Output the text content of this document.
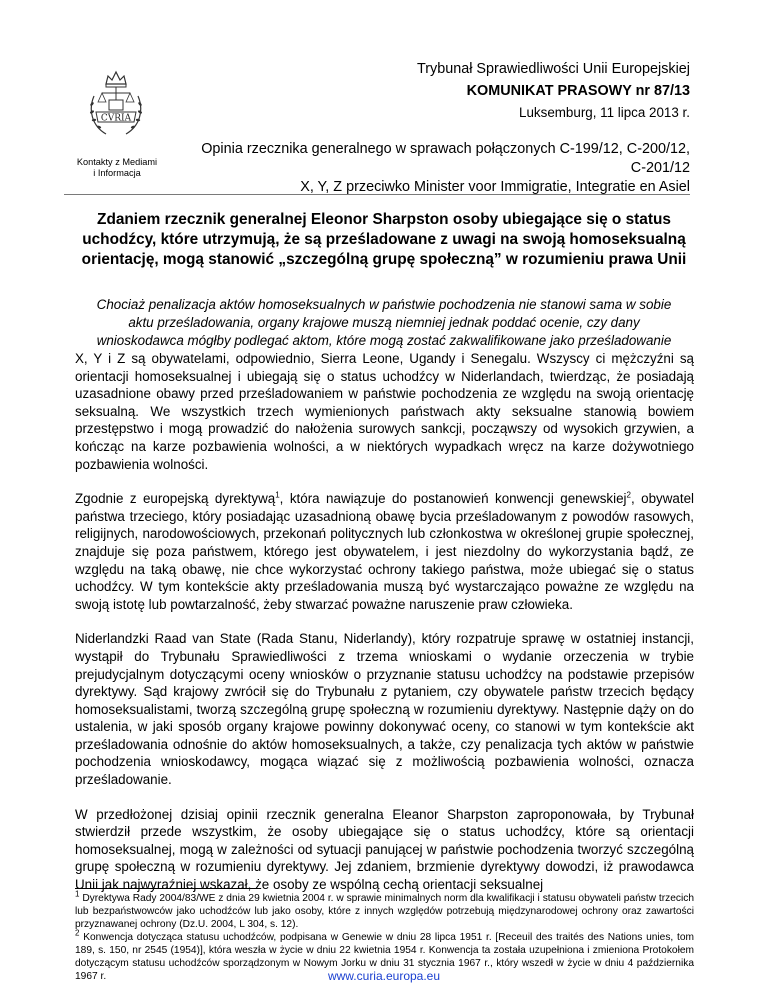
CVRIA
Kontakty z Mediami
i Informacja
Trybunał Sprawiedliwości Unii Europejskiej
KOMUNIKAT PRASOWY nr 87/13
Luksemburg, 11 lipca 2013 r.
Opinia rzecznika generalnego w sprawach połączonych C-199/12, C-200/12,
C-201/12
X, Y, Z przeciwko Minister voor Immigratie, Integratie en Asiel
Zdaniem rzecznik generalnej Eleonor Sharpston osoby ubiegające się o status
uchodźcy, które utrzymują, że są prześladowane z uwagi na swoją homoseksualną
orientację, mogą stanowić „szczególną grupę społeczną” w rozumieniu prawa Unii
Chociaż penalizacja aktów homoseksualnych w państwie pochodzenia nie stanowi sama w sobie
aktu prześladowania, organy krajowe muszą niemniej jednak poddać ocenie, czy dany
wnioskodawca mógłby podlegać aktom, które mogą zostać zakwalifikowane jako prześladowanie

X, Y i Z są obywatelami, odpowiednio, Sierra Leone, Ugandy i Senegalu. Wszyscy ci mężczyźni są orientacji homoseksualnej i ubiegają się o status uchodźcy w Niderlandach, twierdząc, że posiadają uzasadnione obawy przed prześladowaniem w państwie pochodzenia ze względu na swoją orientację seksualną. We wszystkich trzech wymienionych państwach akty seksualne stanowią bowiem przestępstwo i mogą prowadzić do nałożenia surowych sankcji, począwszy od wysokich grzywien, a kończąc na karze pozbawienia wolności, a w niektórych wypadkach wręcz na karze dożywotniego pozbawienia wolności.

Zgodnie z europejską dyrektywą$^1$, która nawiązuje do postanowień konwencji genewskiej$^2$, obywatel państwa trzeciego, który posiadając uzasadnioną obawę bycia prześladowanym z powodów rasowych, religijnych, narodowościowych, przekonań politycznych lub członkostwa w określonej grupie społecznej, znajduje się poza państwem, którego jest obywatelem, i jest niezdolny do wykorzystania bądź, ze względu na taką obawę, nie chce wykorzystać ochrony takiego państwa, może ubiegać się o status uchodźcy. W tym kontekście akty prześladowania muszą być wystarczająco poważne ze względu na swoją istotę lub powtarzalność, żeby stwarzać poważne naruszenie praw człowieka.

Niderlandzki Raad van State (Rada Stanu, Niderlandy), który rozpatruje sprawę w ostatniej instancji, wystąpił do Trybunału Sprawiedliwości z trzema wnioskami o wydanie orzeczenia w trybie prejudycjalnym dotyczącymi oceny wniosków o przyznanie statusu uchodźcy na podstawie przepisów dyrektywy. Sąd krajowy zwrócił się do Trybunału z pytaniem, czy obywatele państw trzecich będący homoseksualistami, tworzą szczególną grupę społeczną w rozumieniu dyrektywy. Następnie dąży on do ustalenia, w jaki sposób organy krajowe powinny dokonywać oceny, co stanowi w tym kontekście akt prześladowania odnośnie do aktów homoseksualnych, a także, czy penalizacja tych aktów w państwie pochodzenia wnioskodawcy, mogąca wiązać się z możliwością pozbawienia wolności, oznacza prześladowanie.

W przedłożonej dzisiaj opinii rzecznik generalna Eleanor Sharpston zaproponowała, by Trybunał stwierdził przede wszystkim, że osoby ubiegające się o status uchodźcy, które są orientacji homoseksualnej, mogą w zależności od sytuacji panującej w państwie pochodzenia tworzyć szczególną grupę społeczną w rozumieniu dyrektywy. Jej zdaniem, brzmienie dyrektywy dowodzi, iż prawodawca Unii jak najwyraźniej wskazał, że osoby ze wspólną cechą orientacji seksualnej

$^1$ Dyrektywa Rady 2004/83/WE z dnia 29 kwietnia 2004 r. w sprawie minimalnych norm dla kwalifikacji i statusu obywateli państw trzecich lub bezpaństwowców jako uchodźców lub jako osoby, które z innych względów potrzebują międzynarodowej ochrony oraz zawartości przyznawanej ochrony (Dz.U. 2004, L 304, s. 12).

$^2$ Konwencja dotycząca statusu uchodźców, podpisana w Genewie w dniu 28 lipca 1951 r. [Receuil des traités des Nations unies, tom 189, s. 150, nr 2545 (1954)], która weszła w życie w dniu 22 kwietnia 1954 r. Konwencja ta została uzupełniona i zmieniona Protokołem dotyczącym statusu uchodźców sporządzonym w Nowym Jorku w dniu 31 stycznia 1967 r., który wszedł w życie w dniu 4 października 1967 r.	www.curia.europa.eu
